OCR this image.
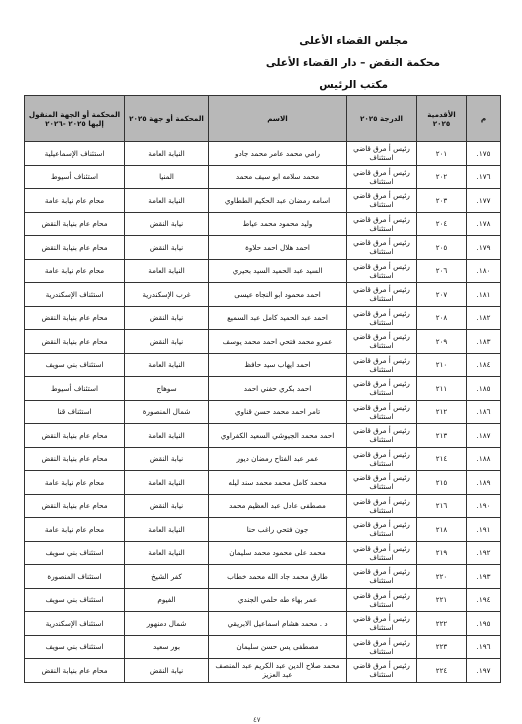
مجلس القضاء الأعلى
محكمة النقض – دار القضاء الأعلى
مكتب الرئيس
م	الأقدمية ٢٠٢٥	الدرجة ٢٠٢٥	الاسم	المحكمة أو جهة ٢٠٢٥	المحكمة أو الجهة المنقول إليها ٢٠٢٥ -٢٠٢٦
١٧٥.	٢٠١	رئيس أ مرق قاضي استئناف	رامي محمد عامر محمد جادو	النيابة العامة	استئناف الإسماعيلية
١٧٦.	٢٠٢	رئيس أ مرق قاضي استئناف	محمد سلامه ابو سيف محمد	المنيا	استئناف أسيوط
١٧٧.	٢٠٣	رئيس أ مرق قاضي استئناف	اسامه رمضان عبد الحكيم الططاوي	النيابة العامة	محام عام نيابة عامة
١٧٨.	٢٠٤	رئيس أ مرق قاضي استئناف	وليد محمود محمد عياط	نيابة النقض	محام عام بنيابة النقض
١٧٩.	٢٠٥	رئيس أ مرق قاضي استئناف	احمد هلال احمد حلاوة	نيابة النقض	محام عام بنيابة النقض
١٨٠.	٢٠٦	رئيس أ مرق قاضي استئناف	السيد عبد الحميد السيد بحيري	النيابة العامة	محام عام نيابة عامة
١٨١.	٢٠٧	رئيس أ مرق قاضي استئناف	احمد محمود ابو النجاه عيسى	غرب الإسكندرية	استئناف الإسكندرية
١٨٢.	٢٠٨	رئيس أ مرق قاضي استئناف	احمد عبد الحميد كامل عبد السميع	نيابة النقض	محام عام بنيابة النقض
١٨٣.	٢٠٩	رئيس أ مرق قاضي استئناف	عمرو محمد فتحي احمد محمد يوسف	نيابة النقض	محام عام بنيابة النقض
١٨٤.	٢١٠	رئيس أ مرق قاضي استئناف	احمد ايهاب سيد حافظ	النيابة العامة	استئناف بني سويف
١٨٥.	٢١١	رئيس أ مرق قاضي استئناف	احمد بكري حفني احمد	سوهاج	استئناف أسيوط
١٨٦.	٢١٢	رئيس أ مرق قاضي استئناف	تامر احمد محمد حسن قناوي	شمال المنصورة	استئناف قنا
١٨٧.	٢١٣	رئيس أ مرق قاضي استئناف	احمد محمد الجيوشي السعيد الكفراوي	النيابة العامة	محام عام بنيابة النقض
١٨٨.	٢١٤	رئيس أ مرق قاضي استئناف	عمر عبد الفتاح رمضان ديور	نيابة النقض	محام عام بنيابة النقض
١٨٩.	٢١٥	رئيس أ مرق قاضي استئناف	محمد كامل محمد محمد سند ليله	النيابة العامة	محام عام نيابة عامة
١٩٠.	٢١٦	رئيس أ مرق قاضي استئناف	مصطفى عادل عبد العظيم محمد	نيابة النقض	محام عام بنيابة النقض
١٩١.	٢١٨	رئيس أ مرق قاضي استئناف	جون فتحي راغب حنا	النيابة العامة	محام عام نيابة عامة
١٩٢.	٢١٩	رئيس أ مرق قاضي استئناف	محمد على محمود محمد سليمان	النيابة العامة	استئناف بني سويف
١٩٣.	٢٢٠	رئيس أ مرق قاضي استئناف	طارق محمد جاد الله محمد خطاب	كفر الشيخ	استئناف المنصورة
١٩٤.	٢٢١	رئيس أ مرق قاضي استئناف	عمر بهاء طه حلمي الجندي	الفيوم	استئناف بني سويف
١٩٥.	٢٢٢	رئيس أ مرق قاضي استئناف	د . محمد هشام اسماعيل الابريقي	شمال دمنهور	استئناف الإسكندرية
١٩٦.	٢٢٣	رئيس أ مرق قاضي استئناف	مصطفى يس حسن سليمان	بور سعيد	استئناف بني سويف
١٩٧.	٢٢٤	رئيس أ مرق قاضي استئناف	محمد صلاح الدين عبد الكريم عبد المنصف عبد العزيز	نيابة النقض	محام عام بنيابة النقض
٤٧
